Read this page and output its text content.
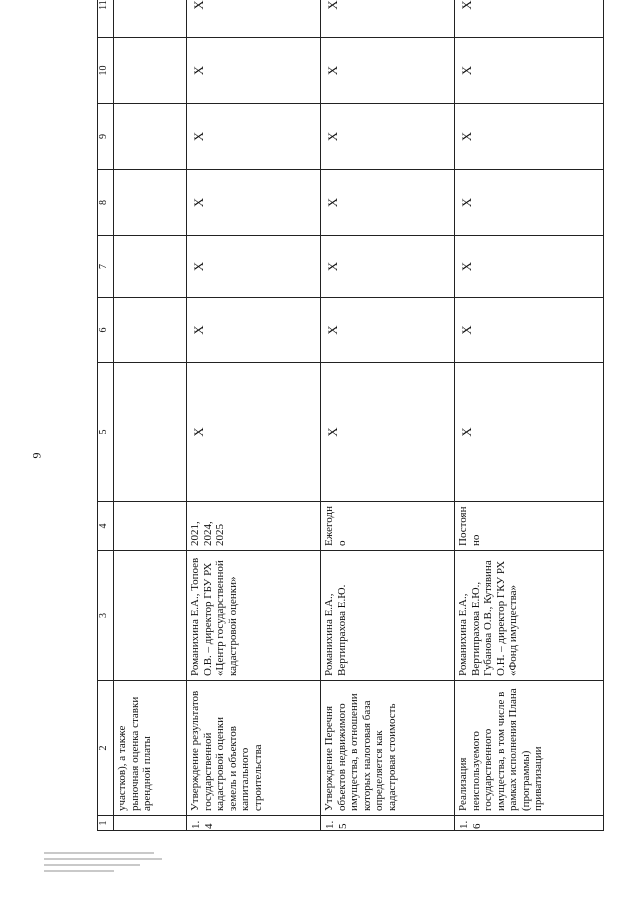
9
1	2	3	4	5	6	7	8	9	10	11
	участков), а также рыночная оценка ставки арендной платы									
1.4	Утверждение результатов государственной кадастровой оценки земель и объектов капитального строительства	Романихина Е.А., Топоев О.В. – директор ГБУ РХ «Центр государственной кадастровой оценки»	2021, 2024, 2025	X	X	X	X	X	X	X
1.5	Утверждение Перечня объектов недвижимого имущества, в отношении которых налоговая база определяется как кадастровая стоимость	Романихина Е.А., Вертипрахова Е.Ю.	Ежегодно	X	X	X	X	X	X	X
1.6	Реализация неиспользуемого государственного имущества, в том числе в рамках исполнения Плана (программы) приватизации	Романихина Е.А., Вертипрахова Е.Ю., Губанова О.В., Кутявина О.Н. – директор ГКУ РХ «Фонд имущества»	Постоянно	X	X	X	X	X	X	X
